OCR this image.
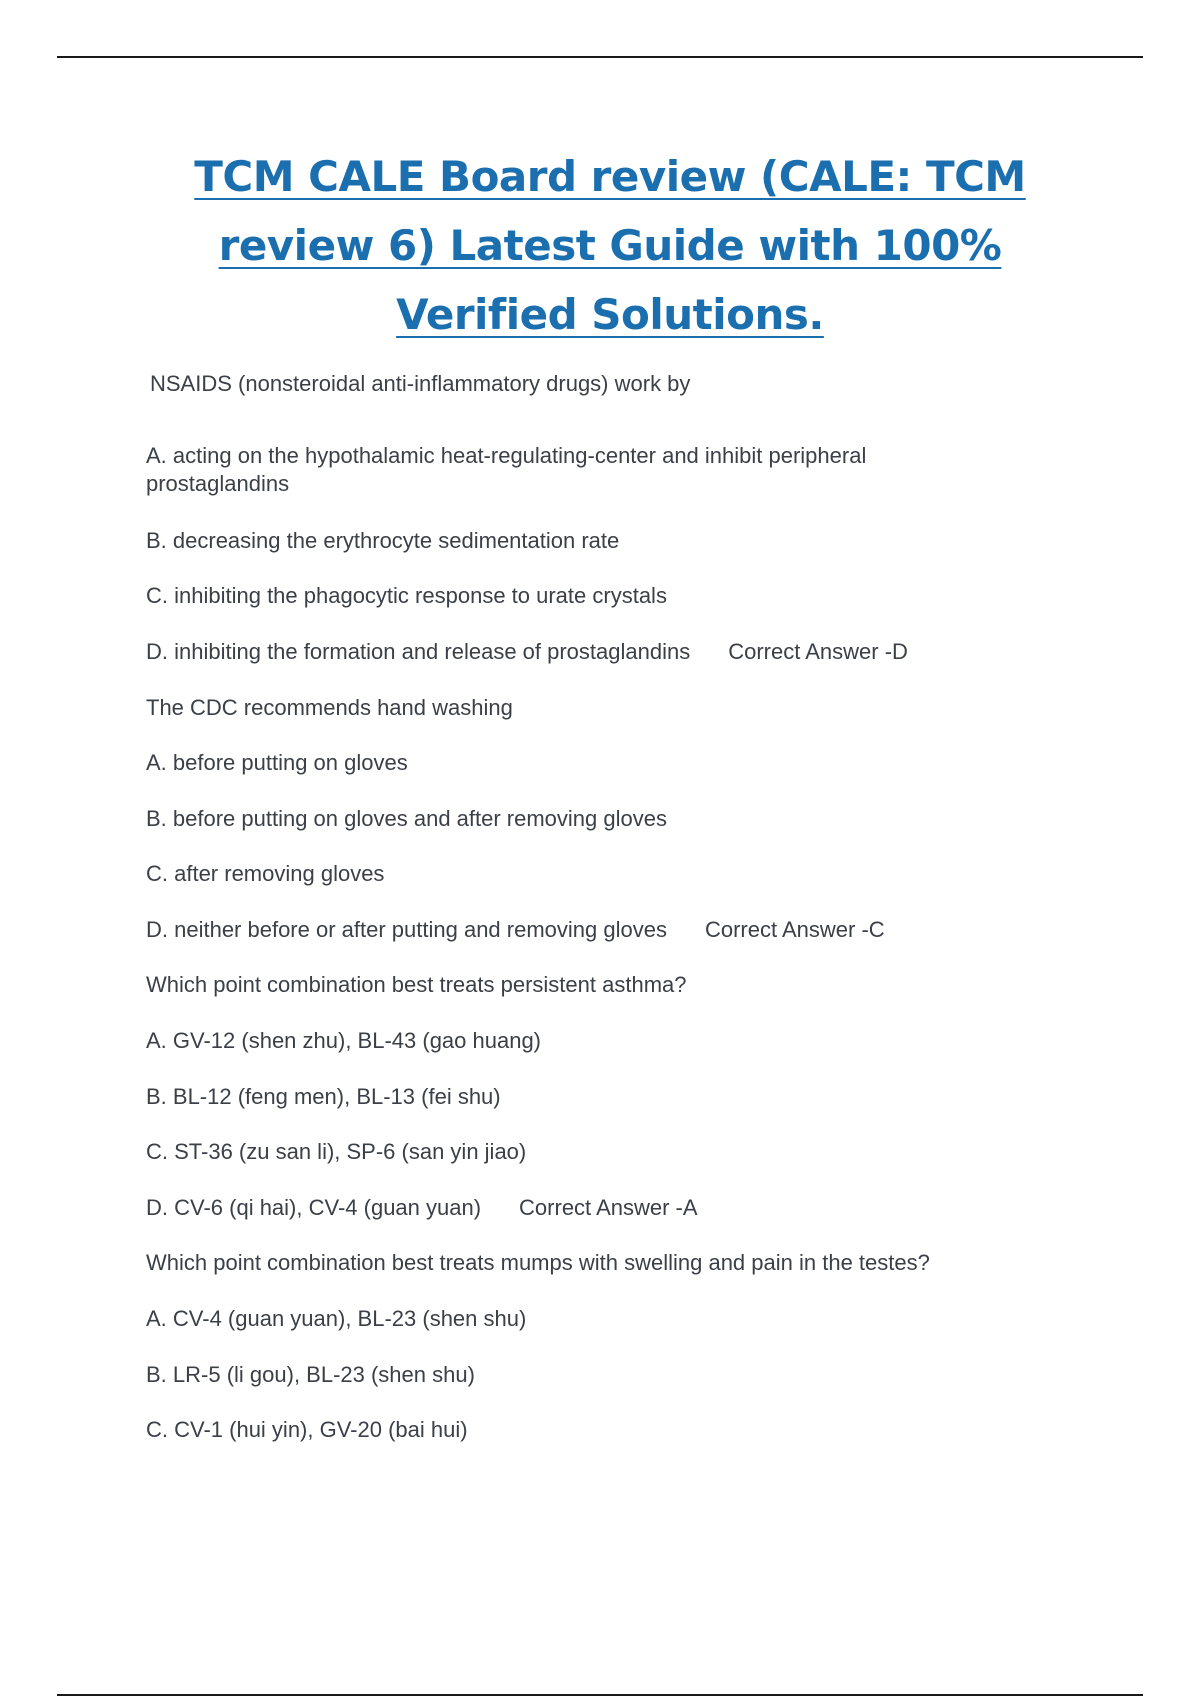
TCM CALE Board review (CALE: TCM review 6) Latest Guide with 100% Verified Solutions.

NSAIDS (nonsteroidal anti-inflammatory drugs) work by

A. acting on the hypothalamic heat-regulating-center and inhibit peripheral prostaglandins

B. decreasing the erythrocyte sedimentation rate

C. inhibiting the phagocytic response to urate crystals

D. inhibiting the formation and release of prostaglandins Correct Answer -D

The CDC recommends hand washing

A. before putting on gloves

B. before putting on gloves and after removing gloves

C. after removing gloves

D. neither before or after putting and removing gloves Correct Answer -C

Which point combination best treats persistent asthma?

A. GV-12 (shen zhu), BL-43 (gao huang)

B. BL-12 (feng men), BL-13 (fei shu)

C. ST-36 (zu san li), SP-6 (san yin jiao)

D. CV-6 (qi hai), CV-4 (guan yuan) Correct Answer -A

Which point combination best treats mumps with swelling and pain in the testes?

A. CV-4 (guan yuan), BL-23 (shen shu)

B. LR-5 (li gou), BL-23 (shen shu)

C. CV-1 (hui yin), GV-20 (bai hui)
